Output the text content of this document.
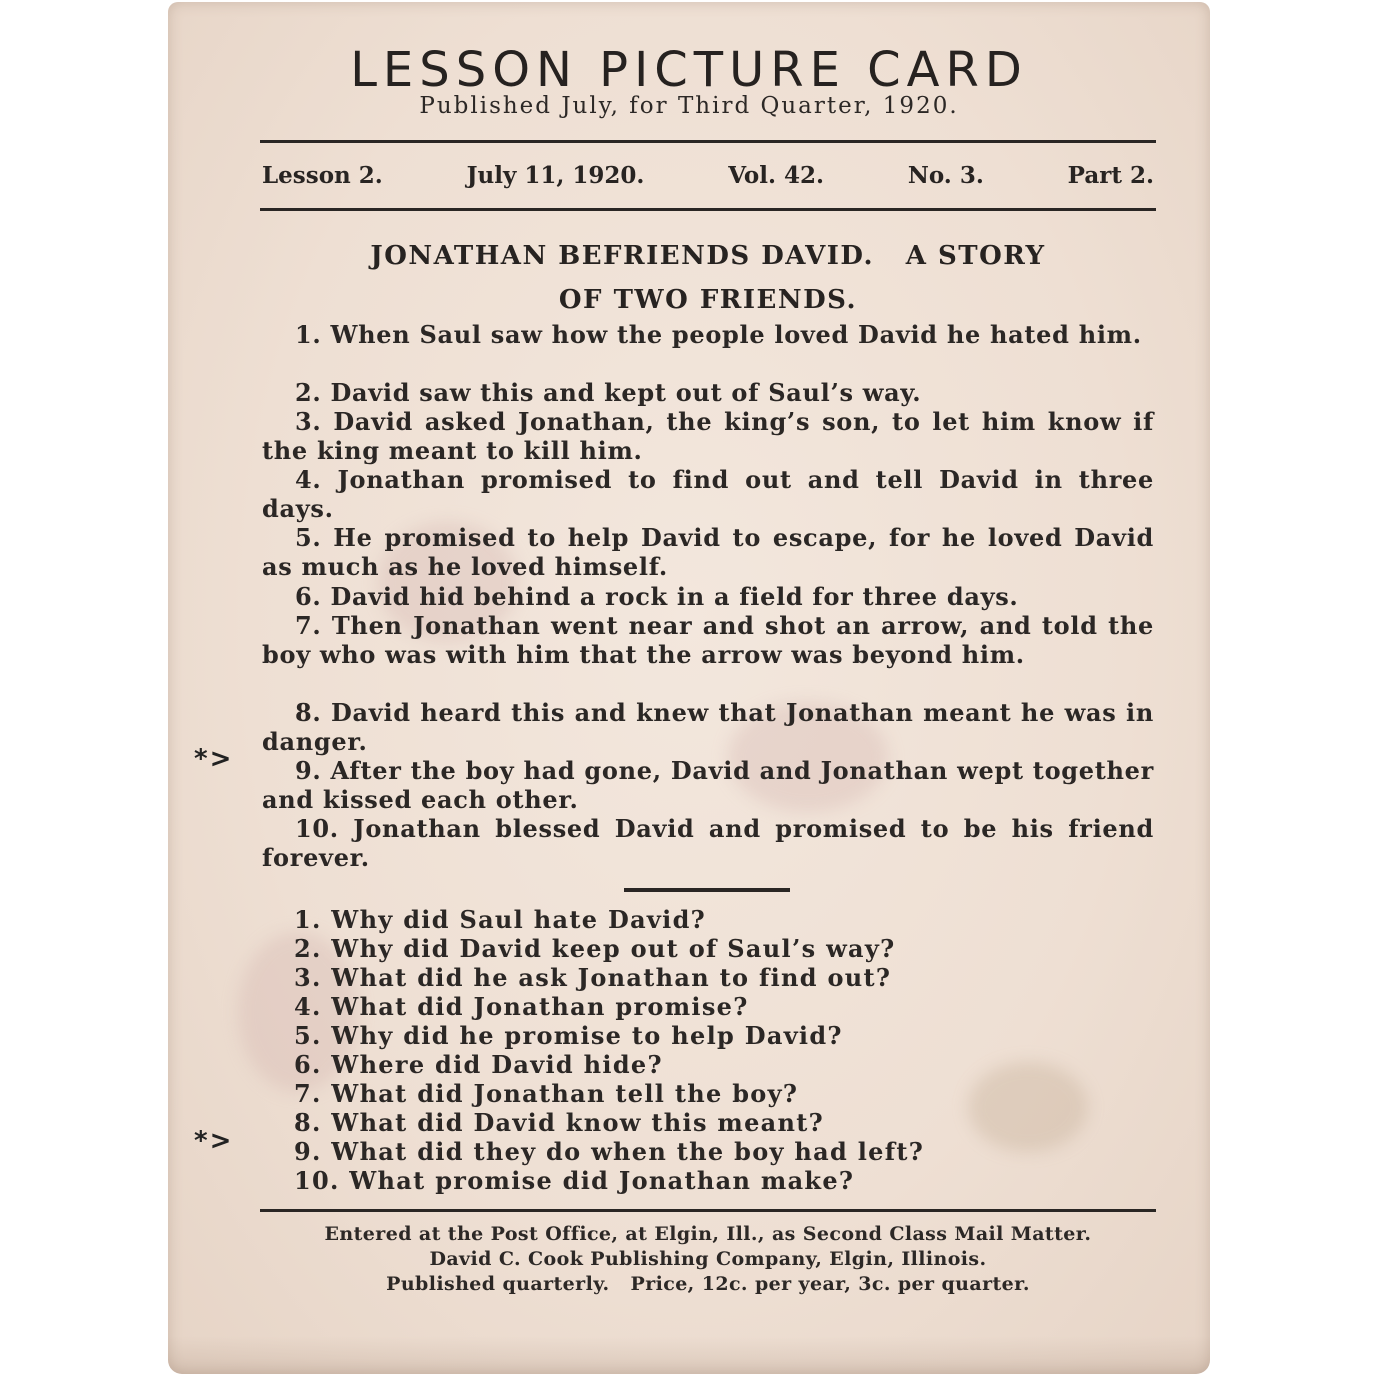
LESSON PICTURE CARD
Published July, for Third Quarter, 1920.
Lesson 2.	July 11, 1920.	Vol. 42.	No. 3.	Part 2.
JONATHAN BEFRIENDS DAVID.   A STORY
OF TWO FRIENDS.
1. When Saul saw how the people loved David he hated him.
2. David saw this and kept out of Saul’s way.
3. David asked Jonathan, the king’s son, to let him know if the king meant to kill him.
4. Jonathan promised to find out and tell David in three days.
5. He promised to help David to escape, for he loved David as much as he loved himself.
6. David hid behind a rock in a field for three days.
7. Then Jonathan went near and shot an arrow, and told the boy who was with him that the arrow was beyond him.
8. David heard this and knew that Jonathan meant he was in danger.
9. After the boy had gone, David and Jonathan wept together and kissed each other.
10. Jonathan blessed David and promised to be his friend forever.
*>
1. Why did Saul hate David?
2. Why did David keep out of Saul’s way?
3. What did he ask Jonathan to find out?
4. What did Jonathan promise?
5. Why did he promise to help David?
6. Where did David hide?
7. What did Jonathan tell the boy?
8. What did David know this meant?
9. What did they do when the boy had left?
10. What promise did Jonathan make?
*>
Entered at the Post Office, at Elgin, Ill., as Second Class Mail Matter.
David C. Cook Publishing Company, Elgin, Illinois.
Published quarterly.   Price, 12c. per year, 3c. per quarter.
